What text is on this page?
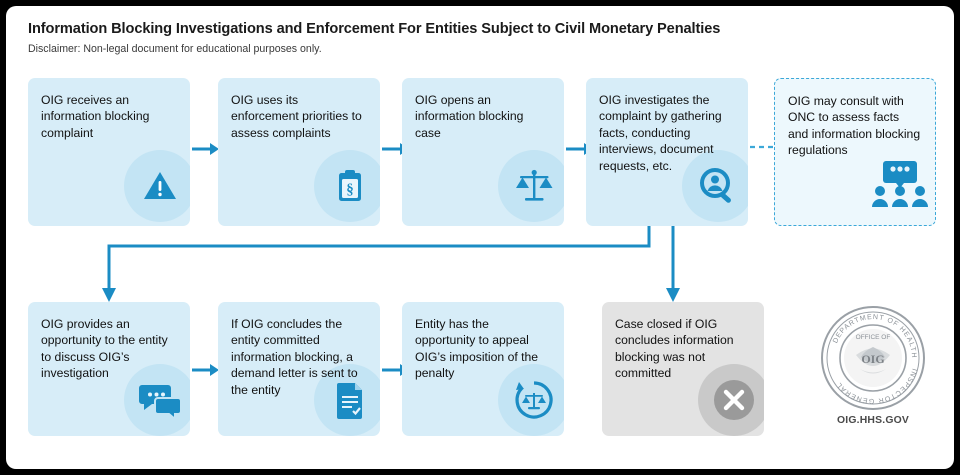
Information Blocking Investigations and Enforcement For Entities Subject to Civil Monetary Penalties
Disclaimer: Non-legal document for educational purposes only.
OIG receives an information blocking complaint
OIG uses its enforcement priorities to assess complaints
§
OIG opens an information blocking case
OIG investigates the complaint by gathering facts, conducting interviews, document requests, etc.
OIG may consult with ONC to assess facts and information blocking regulations
OIG provides an opportunity to the entity to discuss OIG’s investigation
If OIG concludes the entity committed information blocking, a demand letter is sent to the entity
Entity has the opportunity to appeal OIG’s imposition of the penalty
Case closed if OIG concludes information blocking was not committed
DEPARTMENT OF HEALTH
INSPECTOR GENERAL
OFFICE OF
OIG
OIG.HHS.GOV
